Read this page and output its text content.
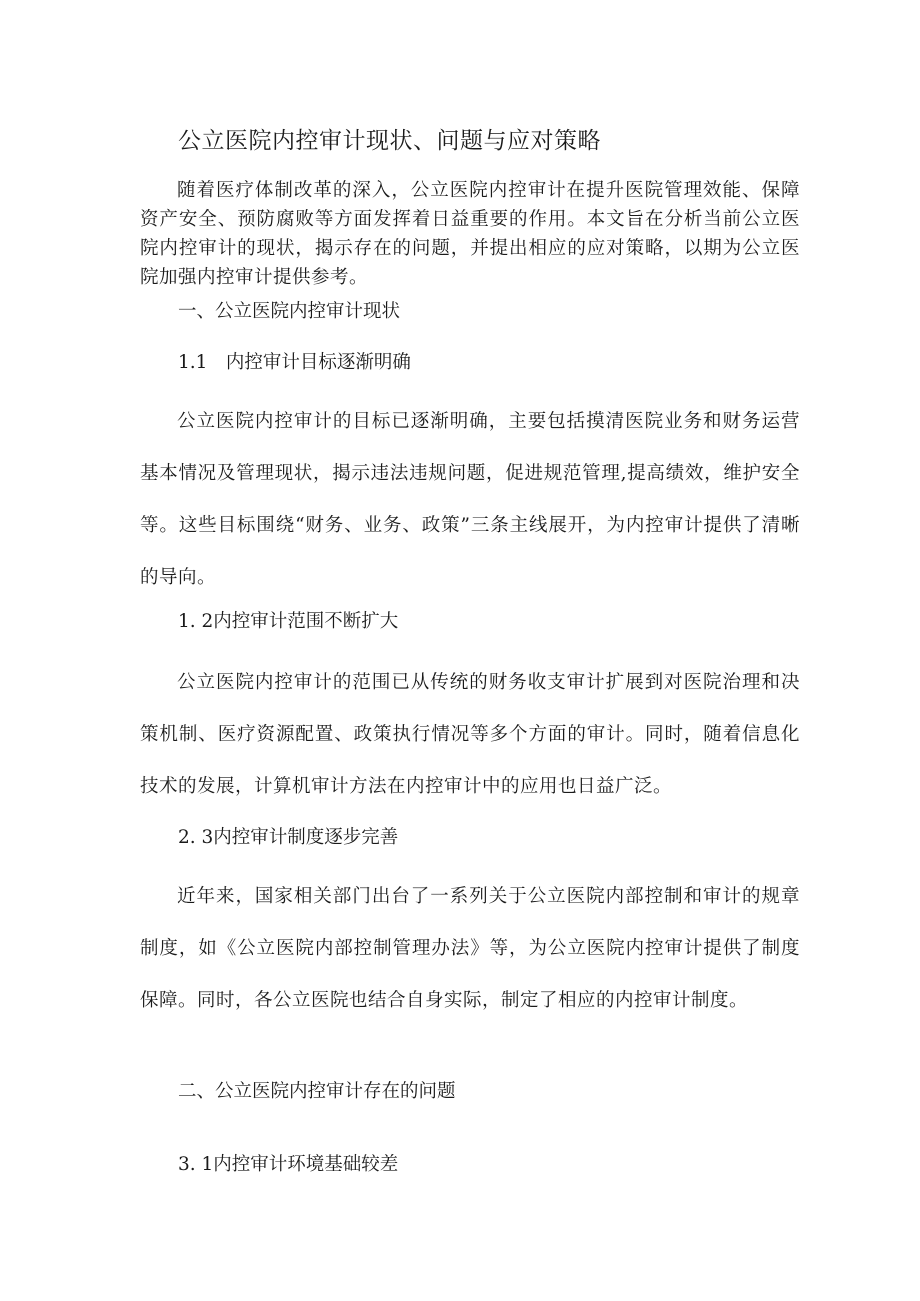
公立医院内控审计现状、问题与应对策略

随着医疗体制改革的深入，公立医院内控审计在提升医院管理效能、保障资产安全、预防腐败等方面发挥着日益重要的作用。本文旨在分析当前公立医院内控审计的现状，揭示存在的问题，并提出相应的应对策略，以期为公立医院加强内控审计提供参考。

一、公立医院内控审计现状
1.1　内控审计目标逐渐明确

公立医院内控审计的目标已逐渐明确，主要包括摸清医院业务和财务运营基本情况及管理现状，揭示违法违规问题，促进规范管理,提高绩效，维护安全等。这些目标围绕“财务、业务、政策”三条主线展开，为内控审计提供了清晰的导向。

1. 2内控审计范围不断扩大

公立医院内控审计的范围已从传统的财务收支审计扩展到对医院治理和决策机制、医疗资源配置、政策执行情况等多个方面的审计。同时，随着信息化技术的发展，计算机审计方法在内控审计中的应用也日益广泛。

2. 3内控审计制度逐步完善

近年来，国家相关部门出台了一系列关于公立医院内部控制和审计的规章制度，如《公立医院内部控制管理办法》等，为公立医院内控审计提供了制度保障。同时，各公立医院也结合自身实际，制定了相应的内控审计制度。

二、公立医院内控审计存在的问题
3. 1内控审计环境基础较差
